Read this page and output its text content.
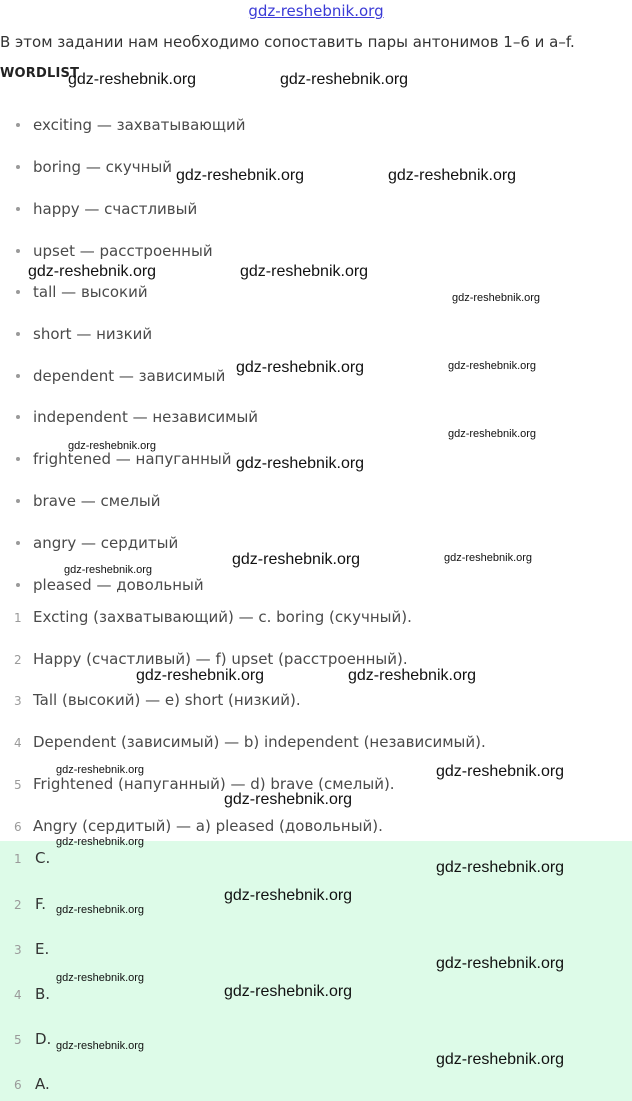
gdz-reshebnik.org
В этом задании нам необходимо сопоставить пары антонимов 1–6 и a–f.
WORDLIST
exciting — захватывающий
boring — скучный
happy — счастливый
upset — расстроенный
tall — высокий
short — низкий
dependent — зависимый
independent — независимый
frightened — напуганный
brave — смелый
angry — сердитый
pleased — довольный
1 Excting (захватывающий) — c. boring (скучный).
2 Happy (счастливый) — f) upset (расстроенный).
3 Tall (высокий) — e) short (низкий).
4 Dependent (зависимый) — b) independent (независимый).
5 Frightened (напуганный) — d) brave (смелый).
6 Angry (сердитый) — a) pleased (довольный).
1 C.
2 F.
3 E.
4 B.
5 D.
6 A.
gdz-reshebnik.org	gdz-reshebnik.org
gdz-reshebnik.org	gdz-reshebnik.org
gdz-reshebnik.org	gdz-reshebnik.org
gdz-reshebnik.org
gdz-reshebnik.org	gdz-reshebnik.org
gdz-reshebnik.org
gdz-reshebnik.org
gdz-reshebnik.org
gdz-reshebnik.org	gdz-reshebnik.org
gdz-reshebnik.org
gdz-reshebnik.org	gdz-reshebnik.org
gdz-reshebnik.org	gdz-reshebnik.org
gdz-reshebnik.org
gdz-reshebnik.org
gdz-reshebnik.org
gdz-reshebnik.org
gdz-reshebnik.org
gdz-reshebnik.org
gdz-reshebnik.org
gdz-reshebnik.org
gdz-reshebnik.org
gdz-reshebnik.org
